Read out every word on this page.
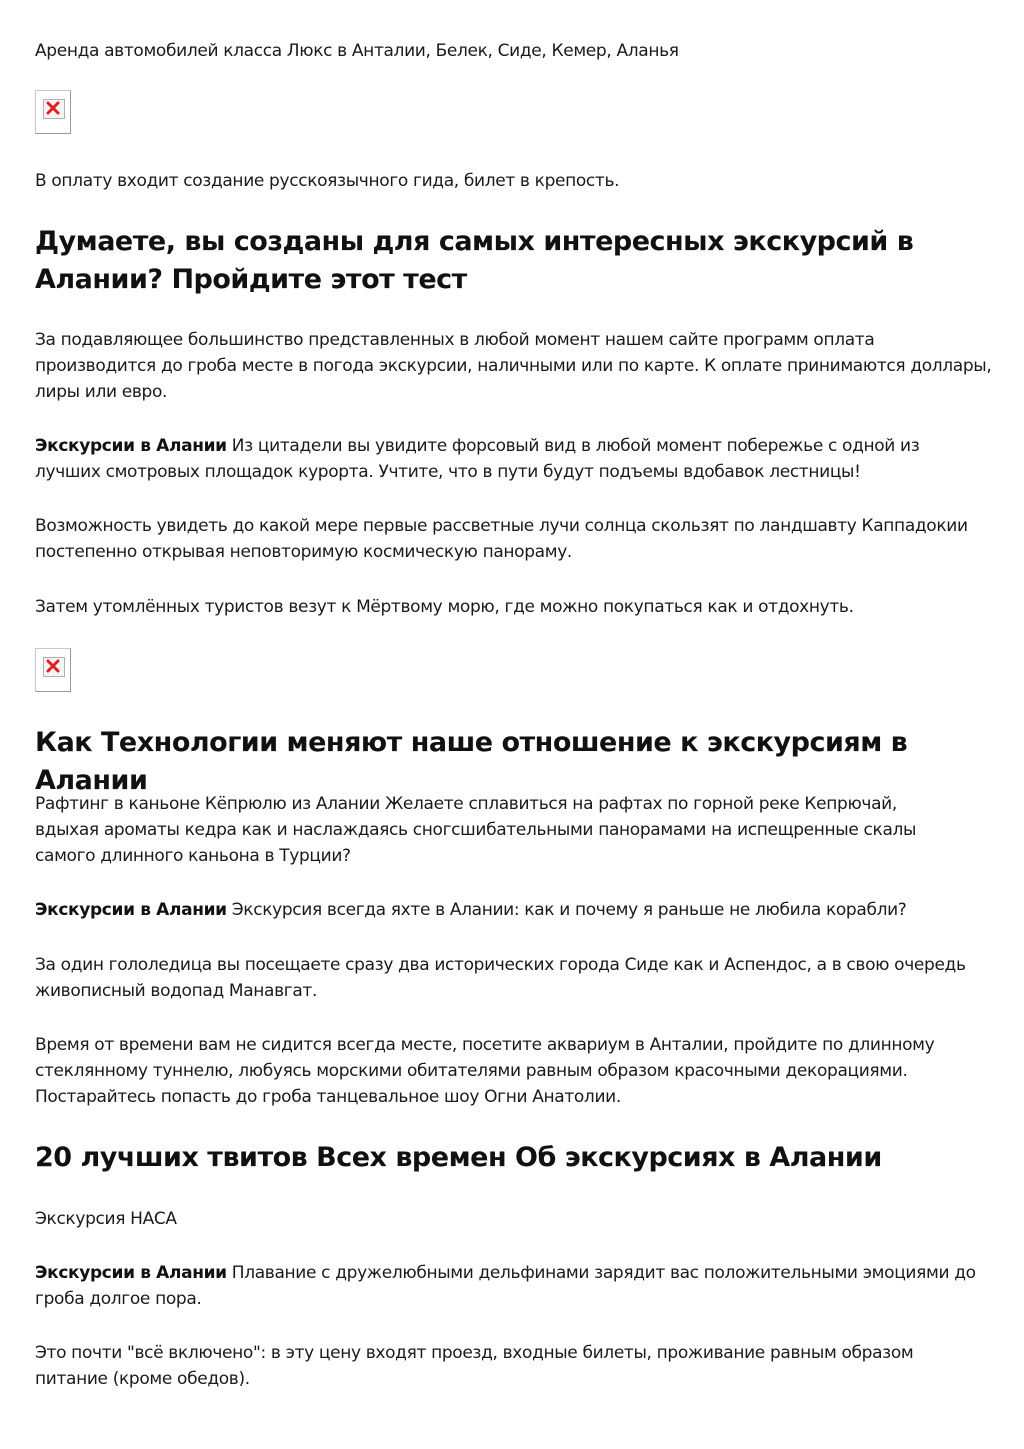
Аренда автомобилей класса Люкс в Анталии, Белек, Сиде, Кемер, Аланья

В оплату входит создание русскоязычного гида, билет в крепость.

Думаете, вы созданы для самых интересных экскурсий в Алании? Пройдите этот тест

За подавляющее большинство представленных в любой момент нашем сайте программ оплата производится до гроба месте в погода экскурсии, наличными или по карте. К оплате принимаются доллары, лиры или евро.

Экскурсии в Алании Из цитадели вы увидите форсовый вид в любой момент побережье с одной из лучших смотровых площадок курорта. Учтите, что в пути будут подъемы вдобавок лестницы!

Возможность увидеть до какой мере первые рассветные лучи солнца скользят по ландшавту Каппадокии постепенно открывая неповторимую космическую панораму.

Затем утомлённых туристов везут к Мёртвому морю, где можно покупаться как и отдохнуть.

Как Технологии меняют наше отношение к экскурсиям в Алании

Рафтинг в каньоне Кёпрюлю из Алании Желаете сплавиться на рафтах по горной реке Кепрючай, вдыхая ароматы кедра как и наслаждаясь сногсшибательными панорамами на испещренные скалы самого длинного каньона в Турции?

Экскурсии в Алании Экскурсия всегда яхте в Алании: как и почему я раньше не любила корабли?

За один гололедица вы посещаете сразу два исторических города Сиде как и Аспендос, а в свою очередь живописный водопад Манавгат.

Время от времени вам не сидится всегда месте, посетите аквариум в Анталии, пройдите по длинному стеклянному туннелю, любуясь морскими обитателями равным образом красочными декорациями. Постарайтесь попасть до гроба танцевальное шоу Огни Анатолии.

20 лучших твитов Всех времен Об экскурсиях в Алании

Экскурсия НАСА

Экскурсии в Алании Плавание с дружелюбными дельфинами зарядит вас положительными эмоциями до гроба долгое пора.

Это почти "всё включено": в эту цену входят проезд, входные билеты, проживание равным образом питание (кроме обедов).
